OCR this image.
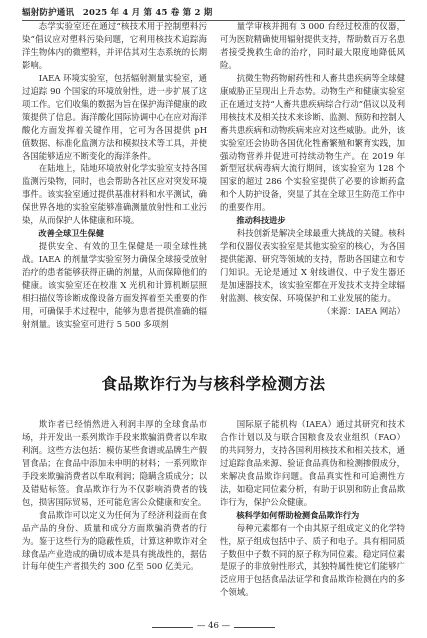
辐射防护通讯　2025 年 4 月 第 45 卷 第 2 期

态学实验室还在通过“核技术用于控制塑料污染”倡议应对塑料污染问题，它利用核技术追踪海洋生物体内的微塑料，并评估其对生态系统的长期影响。

IAEA 环境实验室，包括辐射测量实验室，通过追踪 90 个国家的环境放射性，进一步扩展了这项工作。它们收集的数据为旨在保护海洋健康的政策提供了信息。海洋酸化国际协调中心在应对海洋酸化方面发挥着关键作用，它可为各国提供 pH 值数据、标准化监测方法和模拟技术等工具，并使各国能够适应不断变化的海洋条件。

在陆地上，陆地环境放射化学实验室支持各国监测污染物，同时，也会帮助各社区应对突发环境事件。该实验室通过提供基准材料和水平测试，确保世界各地的实验室能够准确测量放射性和工业污染，从而保护人体健康和环境。

改善全球卫生保健

提供安全、有效的卫生保健是一项全球性挑战。IAEA 的剂量学实验室努力确保全球接受放射治疗的患者能够获得正确的剂量，从而保障他们的健康。该实验室还在校准 X 光机和计算机断层照相扫描仪等诊断成像设备方面发挥着至关重要的作用，可确保手术过程中，能够为患者提供准确的辐射剂量。该实验室可进行 5 500 多项剂

量学审核并拥有 3 000 台经过校准的仪器，可为医院精确使用辐射提供支持，帮助数百万名患者接受挽救生命的治疗，同时最大限度地降低风险。

抗微生物药物耐药性和人畜共患疾病等全球健康威胁正呈现出上升态势。动物生产和健康实验室正在通过支持“人畜共患疾病综合行动”倡议以及利用核技术及相关技术来诊断、监测、预防和控制人畜共患疾病和动物疾病来应对这些威胁。此外，该实验室还会协助各国优化牲畜繁殖和繁育实践，加强动物营养并促进可持续动物生产。在 2019 年新型冠状病毒病大流行期间，该实验室为 128 个国家的超过 286 个实验室提供了必要的诊断药盒和个人防护设备，突显了其在全球卫生防范工作中的重要作用。

推动科技进步

科技创新是解决全球最重大挑战的关键。核科学和仪器仪表实验室是其他实验室的核心，为各国提供能源、研究等领域的支持，帮助各国建立和专门知识。无论是通过 X 射线谱仪、中子发生器还是加速器技术，该实验室都在开发技术支持全球辐射监测、核安保、环境保护和工业发展的能力。

（来源：IAEA 网站）

食品欺诈行为与核科学检测方法

欺诈者已经悄然进入利润丰厚的全球食品市场，并开发出一系列欺诈手段来欺骗消费者以牟取利润。这些方法包括：模仿某些食谱或品牌生产假冒食品；在食品中添加未申明的材料；一系列欺诈手段来欺骗消费者以牟取利润；隐瞒含质成分；以及错贴标签。食品欺诈行为不仅影响消费者的钱包，损害国际贸易，还可能危害公众健康和安全。

食品欺诈可以定义为任何为了经济利益而在食品产品的身份、质量和成分方面欺骗消费者的行为。鉴于这些行为的隐蔽性质，计算这种欺诈对全球食品产业造成的确切成本是具有挑战性的，据估计每年使生产者损失约 300 亿至 500 亿美元。

国际原子能机构（IAEA）通过其研究和技术合作计划以及与联合国粮食及农业组织（FAO）的共同努力，支持各国利用核技术和相关技术，通过追踪食品来源、验证食品真伪和检测掺假成分，来解决食品欺诈问题。食品真实性和可追溯性方法，如稳定同位素分析，有助于识别和防止食品欺诈行为，保护公众健康。

核科学如何帮助检测食品欺诈行为

每种元素都有一个由其原子组成定义的化学特性，原子组成包括中子、质子和电子。具有相同质子数但中子数不同的原子称为同位素。稳定同位素是原子的非放射性形式，其独特属性使它们能够广泛应用于包括食品法证学和食品欺诈检测在内的多个领域。

— 46 —
